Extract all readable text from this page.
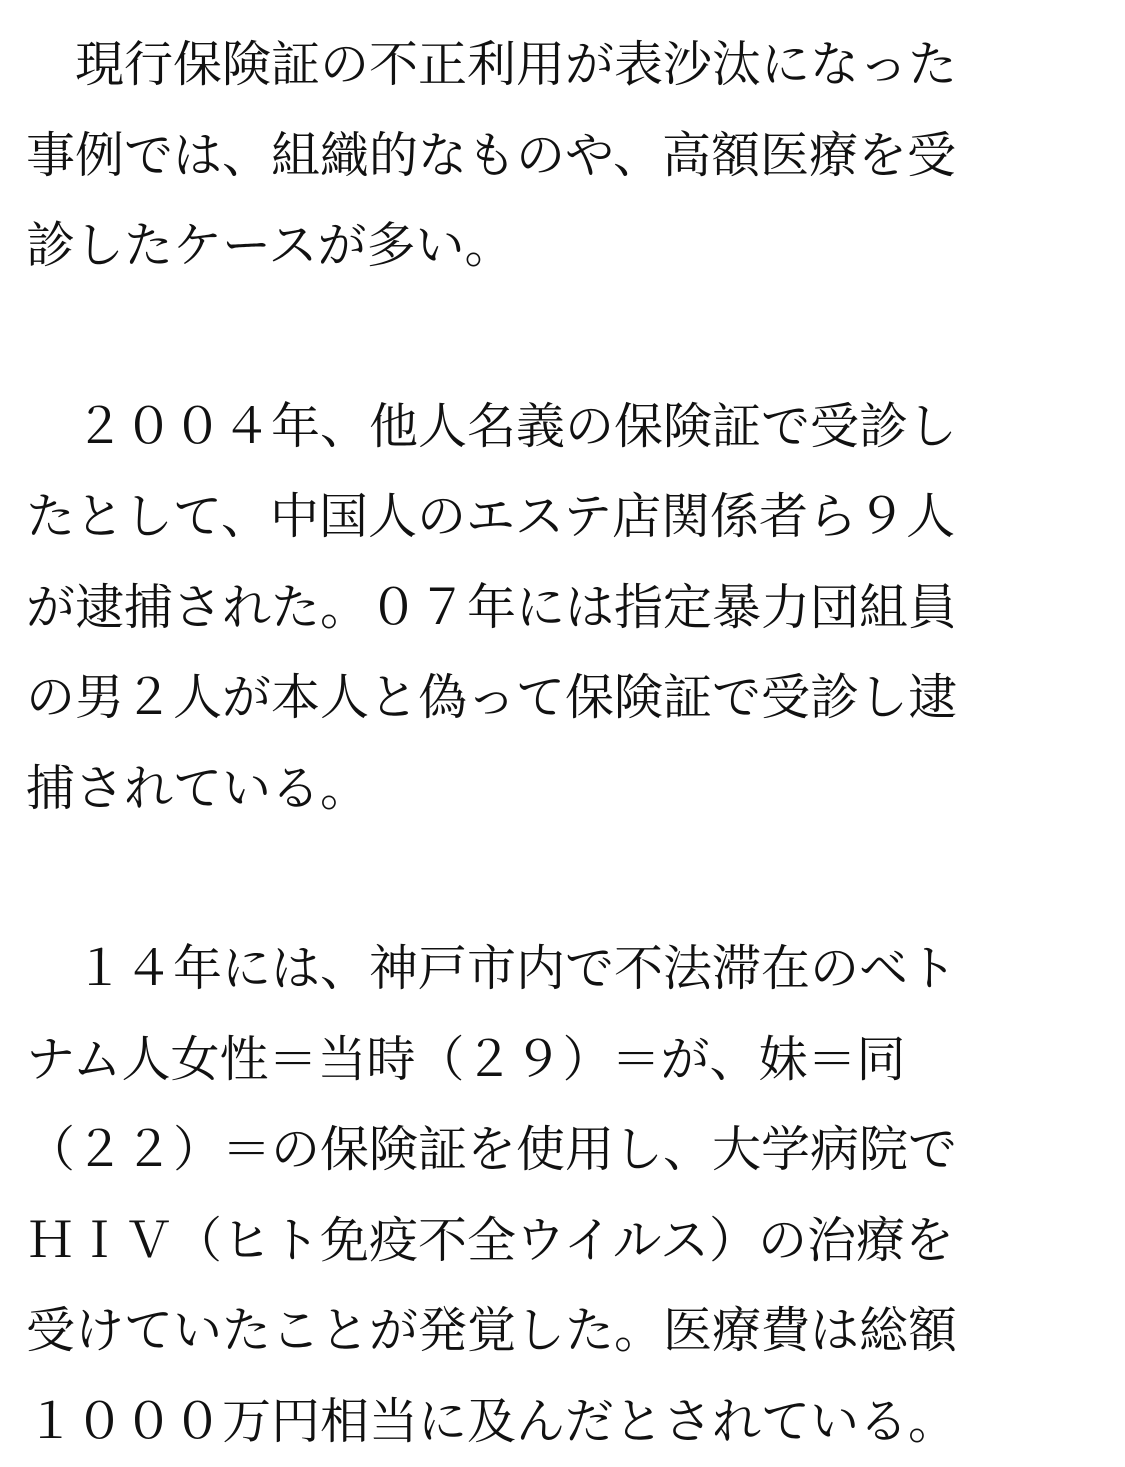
　現行保険証の不正利用が表沙汰になった
事例では、組織的なものや、高額医療を受
診したケースが多い。

　２００４年、他人名義の保険証で受診し
たとして、中国人のエステ店関係者ら９人
が逮捕された。０７年には指定暴力団組員
の男２人が本人と偽って保険証で受診し逮
捕されている。

　１４年には、神戸市内で不法滞在のベト
ナム人女性＝当時（２９）＝が、妹＝同
（２２）＝の保険証を使用し、大学病院で
ＨＩＶ（ヒト免疫不全ウイルス）の治療を
受けていたことが発覚した。医療費は総額
１０００万円相当に及んだとされている。
